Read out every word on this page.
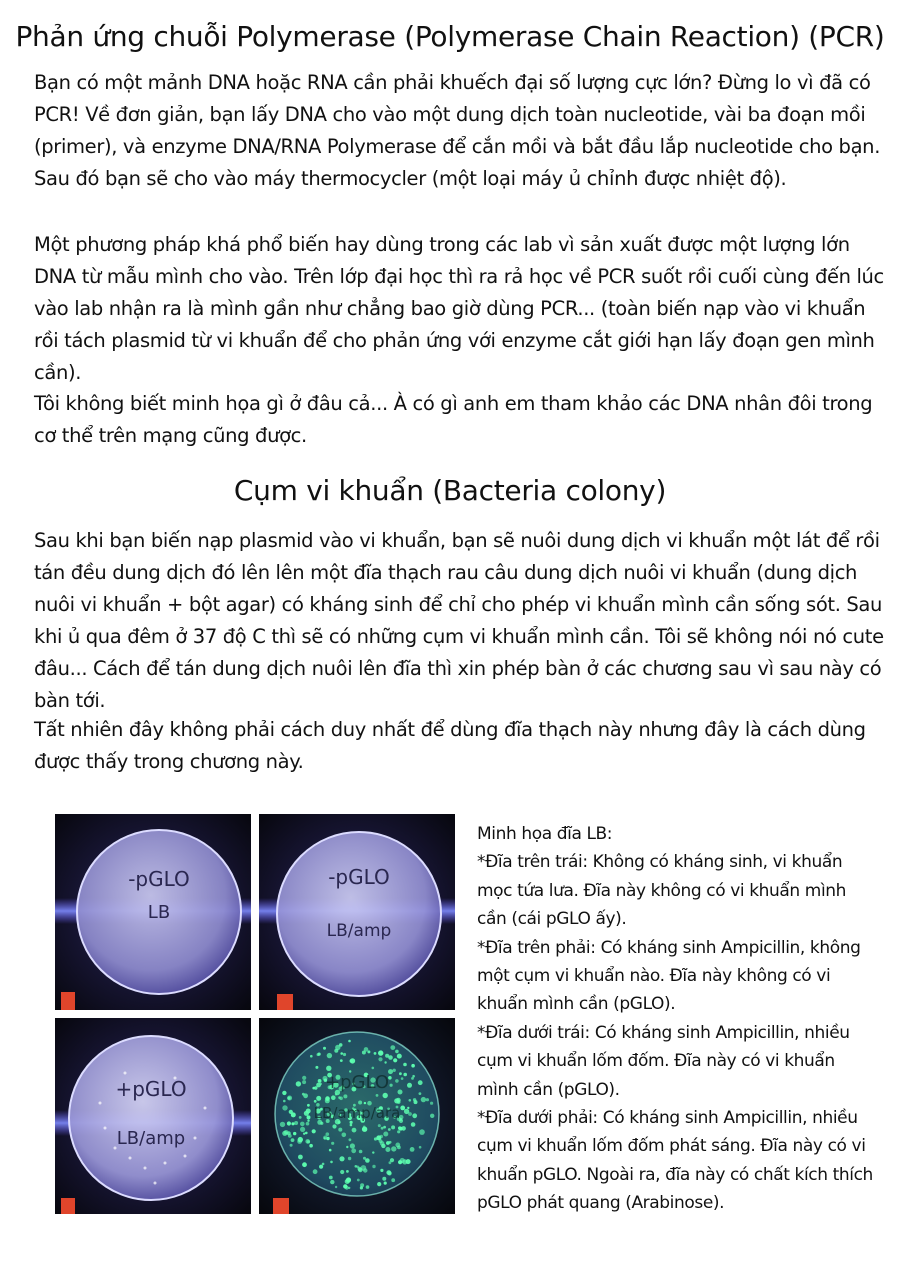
Phản ứng chuỗi Polymerase (Polymerase Chain Reaction) (PCR)

Bạn có một mảnh DNA hoặc RNA cần phải khuếch đại số lượng cực lớn? Đừng lo vì đã có PCR! Về đơn giản, bạn lấy DNA cho vào một dung dịch toàn nucleotide, vài ba đoạn mồi (primer), và enzyme DNA/RNA Polymerase để cắn mồi và bắt đầu lắp nucleotide cho bạn. Sau đó bạn sẽ cho vào máy thermocycler (một loại máy ủ chỉnh được nhiệt độ).

Một phương pháp khá phổ biến hay dùng trong các lab vì sản xuất được một lượng lớn DNA từ mẫu mình cho vào. Trên lớp đại học thì ra rả học về PCR suốt rồi cuối cùng đến lúc vào lab nhận ra là mình gần như chẳng bao giờ dùng PCR... (toàn biến nạp vào vi khuẩn rồi tách plasmid từ vi khuẩn để cho phản ứng với enzyme cắt giới hạn lấy đoạn gen mình cần).

Tôi không biết minh họa gì ở đâu cả... À có gì anh em tham khảo các DNA nhân đôi trong cơ thể trên mạng cũng được.

Cụm vi khuẩn (Bacteria colony)

Sau khi bạn biến nạp plasmid vào vi khuẩn, bạn sẽ nuôi dung dịch vi khuẩn một lát để rồi tán đều dung dịch đó lên lên một đĩa thạch rau câu dung dịch nuôi vi khuẩn (dung dịch nuôi vi khuẩn + bột agar) có kháng sinh để chỉ cho phép vi khuẩn mình cần sống sót. Sau khi ủ qua đêm ở 37 độ C thì sẽ có những cụm vi khuẩn mình cần. Tôi sẽ không nói nó cute đâu... Cách để tán dung dịch nuôi lên đĩa thì xin phép bàn ở các chương sau vì sau này có bàn tới.

Tất nhiên đây không phải cách duy nhất để dùng đĩa thạch này nhưng đây là cách dùng được thấy trong chương này.

-pGLO
LB
-pGLO
LB/amp
+pGLO
LB/amp
+pGLO
LB/amp/ara
Minh họa đĩa LB:
*Đĩa trên trái: Không có kháng sinh, vi khuẩn mọc tứa lưa. Đĩa này không có vi khuẩn mình cần (cái pGLO ấy).
*Đĩa trên phải: Có kháng sinh Ampicillin, không một cụm vi khuẩn nào. Đĩa này không có vi khuẩn mình cần (pGLO).
*Đĩa dưới trái: Có kháng sinh Ampicillin, nhiều cụm vi khuẩn lốm đốm. Đĩa này có vi khuẩn mình cần (pGLO).
*Đĩa dưới phải: Có kháng sinh Ampicillin, nhiều cụm vi khuẩn lốm đốm phát sáng. Đĩa này có vi khuẩn pGLO. Ngoài ra, đĩa này có chất kích thích pGLO phát quang (Arabinose).
